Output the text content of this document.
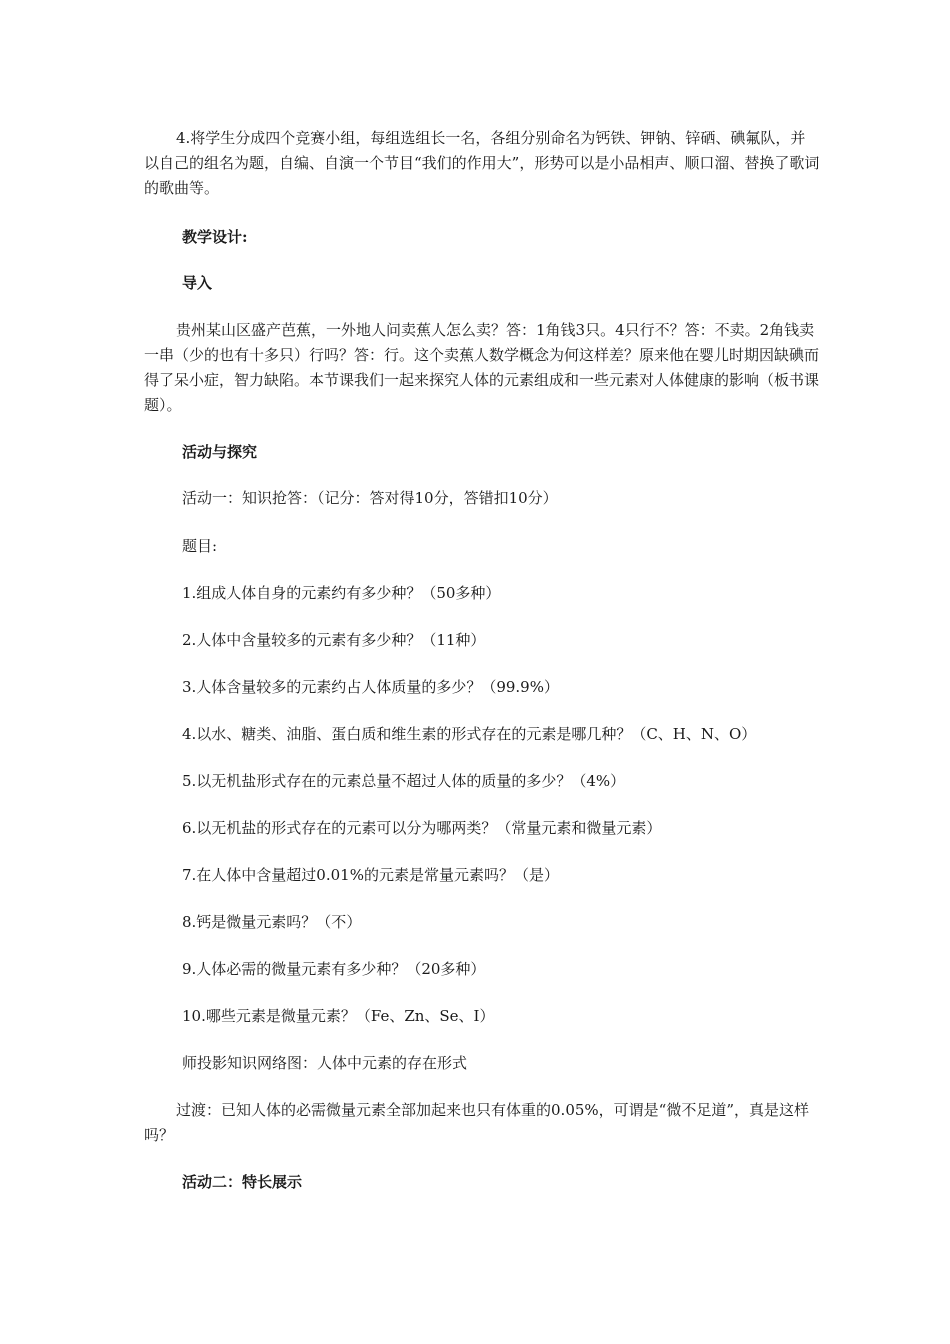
4.将学生分成四个竞赛小组，每组选组长一名，各组分别命名为钙铁、钾钠、锌硒、碘氟队，并以自己的组名为题，自编、自演一个节目“我们的作用大”，形势可以是小品相声、顺口溜、替换了歌词的歌曲等。

教学设计:

导入

贵州某山区盛产芭蕉，一外地人问卖蕉人怎么卖？答：1角钱3只。4只行不？答：不卖。2角钱卖一串（少的也有十多只）行吗？答：行。这个卖蕉人数学概念为何这样差？原来他在婴儿时期因缺碘而得了呆小症，智力缺陷。本节课我们一起来探究人体的元素组成和一些元素对人体健康的影响（板书课题）。

活动与探究

活动一：知识抢答：（记分：答对得10分，答错扣10分）

题目:

1.组成人体自身的元素约有多少种？（50多种）

2.人体中含量较多的元素有多少种？（11种）

3.人体含量较多的元素约占人体质量的多少？（99.9%）

4.以水、糖类、油脂、蛋白质和维生素的形式存在的元素是哪几种？（C、H、N、O）

5.以无机盐形式存在的元素总量不超过人体的质量的多少？（4%）

6.以无机盐的形式存在的元素可以分为哪两类？（常量元素和微量元素）

7.在人体中含量超过0.01%的元素是常量元素吗？（是）

8.钙是微量元素吗？（不）

9.人体必需的微量元素有多少种？（20多种）

10.哪些元素是微量元素？（Fe、Zn、Se、I）

师投影知识网络图：人体中元素的存在形式

过渡：已知人体的必需微量元素全部加起来也只有体重的0.05%，可谓是“微不足道”，真是这样吗？

活动二：特长展示
